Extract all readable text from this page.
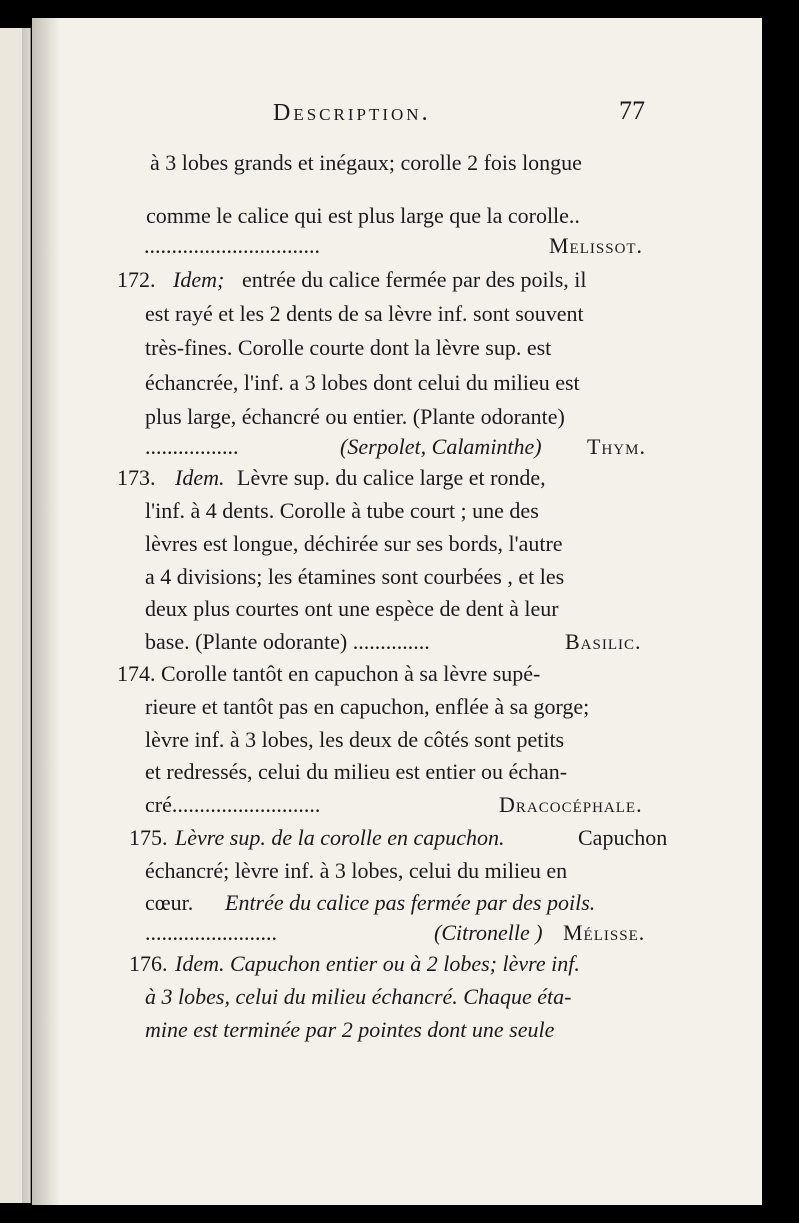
Description.	77
à 3 lobes grands et inégaux; corolle 2 fois longue
comme le calice qui est plus large que la corolle..
................................	Melissot.
172. Idem; entrée du calice fermée par des poils, il
est rayé et les 2 dents de sa lèvre inf. sont souvent
très-fines. Corolle courte dont la lèvre sup. est
échancrée, l'inf. a 3 lobes dont celui du milieu est
plus large, échancré ou entier. (Plante odorante)
.................	(Serpolet, Calaminthe) Thym.
173. Idem. Lèvre sup. du calice large et ronde,
l'inf. à 4 dents. Corolle à tube court ; une des
lèvres est longue, déchirée sur ses bords, l'autre
a 4 divisions; les étamines sont courbées , et les
deux plus courtes ont une espèce de dent à leur
base. (Plante odorante) ..............	Basilic.
174. Corolle tantôt en capuchon à sa lèvre supé-
rieure et tantôt pas en capuchon, enflée à sa gorge;
lèvre inf. à 3 lobes, les deux de côtés sont petits
et redressés, celui du milieu est entier ou échan-
cré...........................	Dracocéphale.
175. Lèvre sup. de la corolle en capuchon.	Capuchon
échancré; lèvre inf. à 3 lobes, celui du milieu en
cœur. Entrée du calice pas fermée par des poils.
........................	(Citronelle ) Mélisse.
176. Idem. Capuchon entier ou à 2 lobes; lèvre inf.
à 3 lobes, celui du milieu échancré. Chaque éta-
mine est terminée par 2 pointes dont une seule
